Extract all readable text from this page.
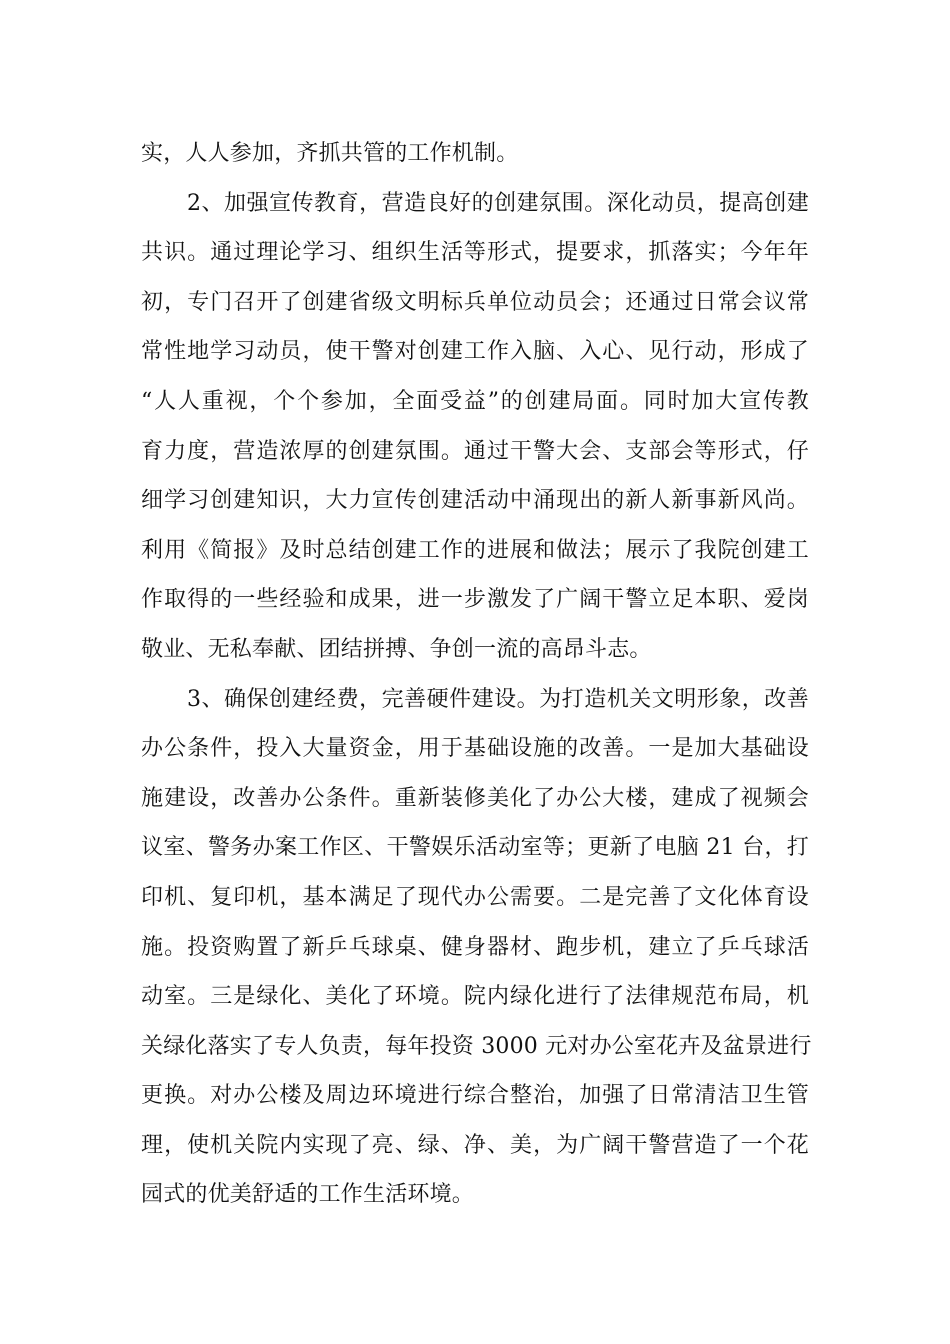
实，人人参加，齐抓共管的工作机制。
2、加强宣传教育，营造良好的创建氛围。深化动员，提高创建
共识。通过理论学习、组织生活等形式，提要求，抓落实；今年年
初，专门召开了创建省级文明标兵单位动员会；还通过日常会议常
常性地学习动员，使干警对创建工作入脑、入心、见行动，形成了
“人人重视，个个参加，全面受益”的创建局面。同时加大宣传教
育力度，营造浓厚的创建氛围。通过干警大会、支部会等形式，仔
细学习创建知识，大力宣传创建活动中涌现出的新人新事新风尚。
利用《简报》及时总结创建工作的进展和做法；展示了我院创建工
作取得的一些经验和成果，进一步激发了广阔干警立足本职、爱岗
敬业、无私奉献、团结拼搏、争创一流的高昂斗志。
3、确保创建经费，完善硬件建设。为打造机关文明形象，改善
办公条件，投入大量资金，用于基础设施的改善。一是加大基础设
施建设，改善办公条件。重新装修美化了办公大楼，建成了视频会
议室、警务办案工作区、干警娱乐活动室等；更新了电脑 21 台，打
印机、复印机，基本满足了现代办公需要。二是完善了文化体育设
施。投资购置了新乒乓球桌、健身器材、跑步机，建立了乒乓球活
动室。三是绿化、美化了环境。院内绿化进行了法律规范布局，机
关绿化落实了专人负责，每年投资 3000 元对办公室花卉及盆景进行
更换。对办公楼及周边环境进行综合整治，加强了日常清洁卫生管
理，使机关院内实现了亮、绿、净、美，为广阔干警营造了一个花
园式的优美舒适的工作生活环境。
